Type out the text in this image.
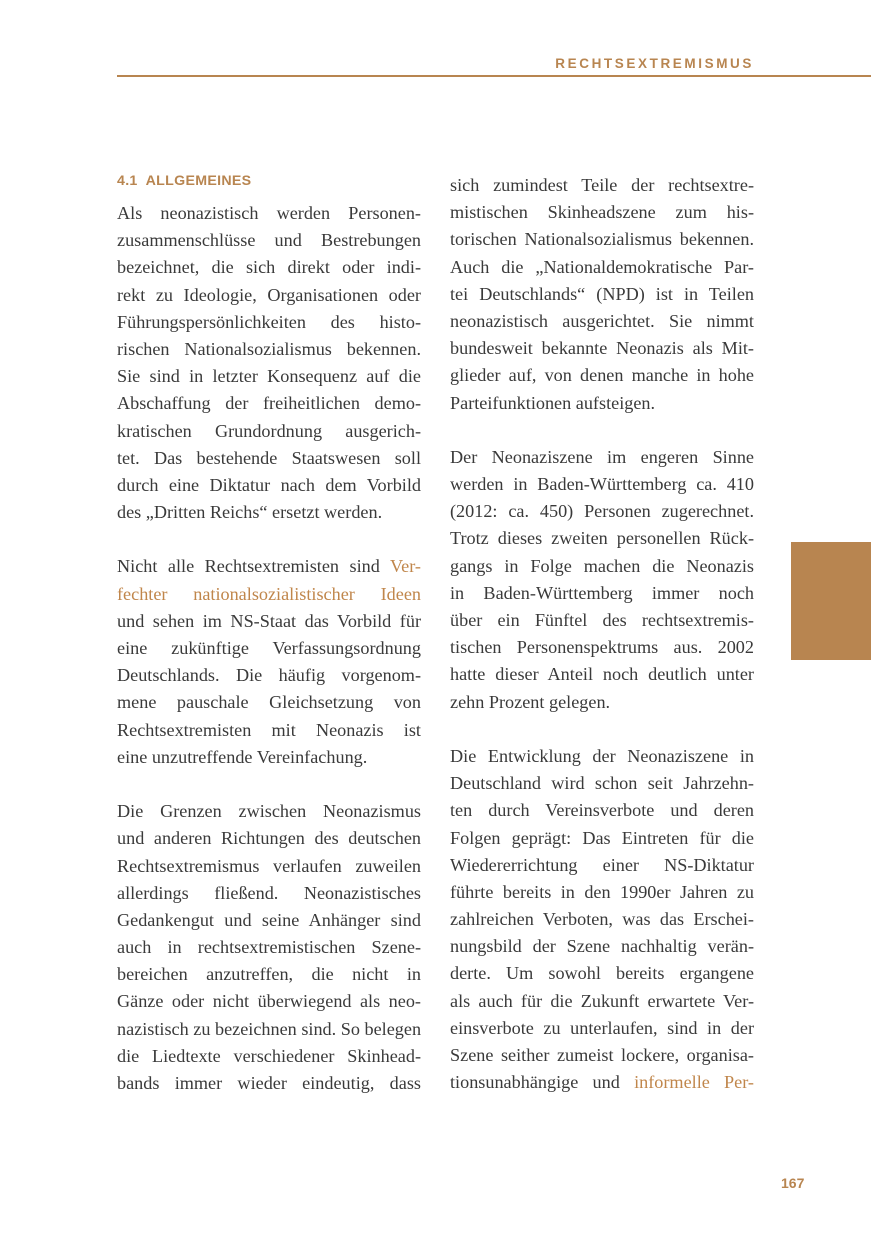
RECHTSEXTREMISMUS
4.1 ALLGEMEINES

Als neonazistisch werden Personen-
zusammenschlüsse und Bestrebungen
bezeichnet, die sich direkt oder indi-
rekt zu Ideologie, Organisationen oder
Führungspersönlichkeiten des histo-
rischen Nationalsozialismus bekennen.
Sie sind in letzter Konsequenz auf die
Abschaffung der freiheitlichen demo-
kratischen Grundordnung ausgerich-
tet. Das bestehende Staatswesen soll
durch eine Diktatur nach dem Vorbild
des „Dritten Reichs“ ersetzt werden.

Nicht alle Rechtsextremisten sind Ver-
fechter nationalsozialistischer Ideen
und sehen im NS-Staat das Vorbild für
eine zukünftige Verfassungsordnung
Deutschlands. Die häufig vorgenom-
mene pauschale Gleichsetzung von
Rechtsextremisten mit Neonazis ist
eine unzutreffende Vereinfachung.

Die Grenzen zwischen Neonazismus
und anderen Richtungen des deutschen
Rechtsextremismus verlaufen zuweilen
allerdings fließend. Neonazistisches
Gedankengut und seine Anhänger sind
auch in rechtsextremistischen Szene-
bereichen anzutreffen, die nicht in
Gänze oder nicht überwiegend als neo-
nazistisch zu bezeichnen sind. So belegen
die Liedtexte verschiedener Skinhead-
bands immer wieder eindeutig, dass

sich zumindest Teile der rechtsextre-
mistischen Skinheadszene zum his-
torischen Nationalsozialismus bekennen.
Auch die „Nationaldemokratische Par-
tei Deutschlands“ (NPD) ist in Teilen
neonazistisch ausgerichtet. Sie nimmt
bundesweit bekannte Neonazis als Mit-
glieder auf, von denen manche in hohe
Parteifunktionen aufsteigen.

Der Neonaziszene im engeren Sinne
werden in Baden-Württemberg ca. 410
(2012: ca. 450) Personen zugerechnet.
Trotz dieses zweiten personellen Rück-
gangs in Folge machen die Neonazis
in Baden-Württemberg immer noch
über ein Fünftel des rechtsextremis-
tischen Personenspektrums aus. 2002
hatte dieser Anteil noch deutlich unter
zehn Prozent gelegen.

Die Entwicklung der Neonaziszene in
Deutschland wird schon seit Jahrzehn-
ten durch Vereinsverbote und deren
Folgen geprägt: Das Eintreten für die
Wiedererrichtung einer NS-Diktatur
führte bereits in den 1990er Jahren zu
zahlreichen Verboten, was das Erschei-
nungsbild der Szene nachhaltig verän-
derte. Um sowohl bereits ergangene
als auch für die Zukunft erwartete Ver-
einsverbote zu unterlaufen, sind in der
Szene seither zumeist lockere, organisa-
tionsunabhängige und informelle Per-

167
